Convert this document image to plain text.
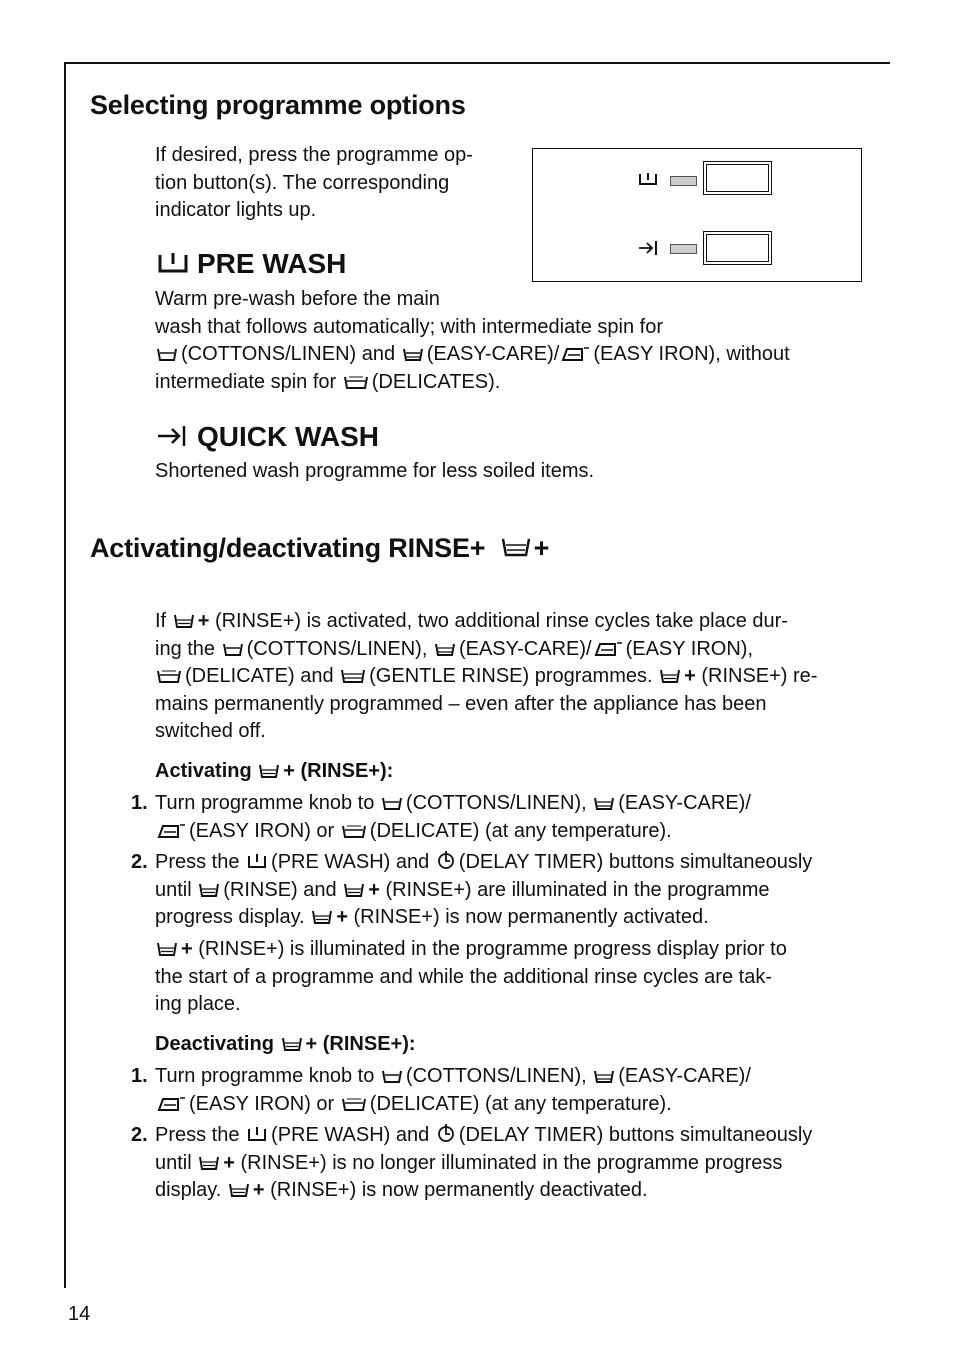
Selecting programme options
If desired, press the programme op-
tion button(s). The corresponding
indicator lights up.
PRE WASH
Warm pre-wash before the main
wash that follows automatically; with intermediate spin for
(COTTONS/LINEN) and (EASY-CARE)/ (EASY IRON), without
intermediate spin for (DELICATES).
QUICK WASH
Shortened wash programme for less soiled items.
Activating/deactivating RINSE+ +
If + (RINSE+) is activated, two additional rinse cycles take place dur-
ing the (COTTONS/LINEN), (EASY-CARE)/ (EASY IRON),
(DELICATE) and (GENTLE RINSE) programmes. + (RINSE+) re-
mains permanently programmed – even after the appliance has been
switched off.
Activating + (RINSE+):
1. Turn programme knob to (COTTONS/LINEN), (EASY-CARE)/
(EASY IRON) or (DELICATE) (at any temperature).
2. Press the (PRE WASH) and (DELAY TIMER) buttons simultaneously
until (RINSE) and + (RINSE+) are illuminated in the programme
progress display. + (RINSE+) is now permanently activated.
+ (RINSE+) is illuminated in the programme progress display prior to
the start of a programme and while the additional rinse cycles are tak-
ing place.
Deactivating + (RINSE+):
1. Turn programme knob to (COTTONS/LINEN), (EASY-CARE)/
(EASY IRON) or (DELICATE) (at any temperature).
2. Press the (PRE WASH) and (DELAY TIMER) buttons simultaneously
until + (RINSE+) is no longer illuminated in the programme progress
display. + (RINSE+) is now permanently deactivated.
14
